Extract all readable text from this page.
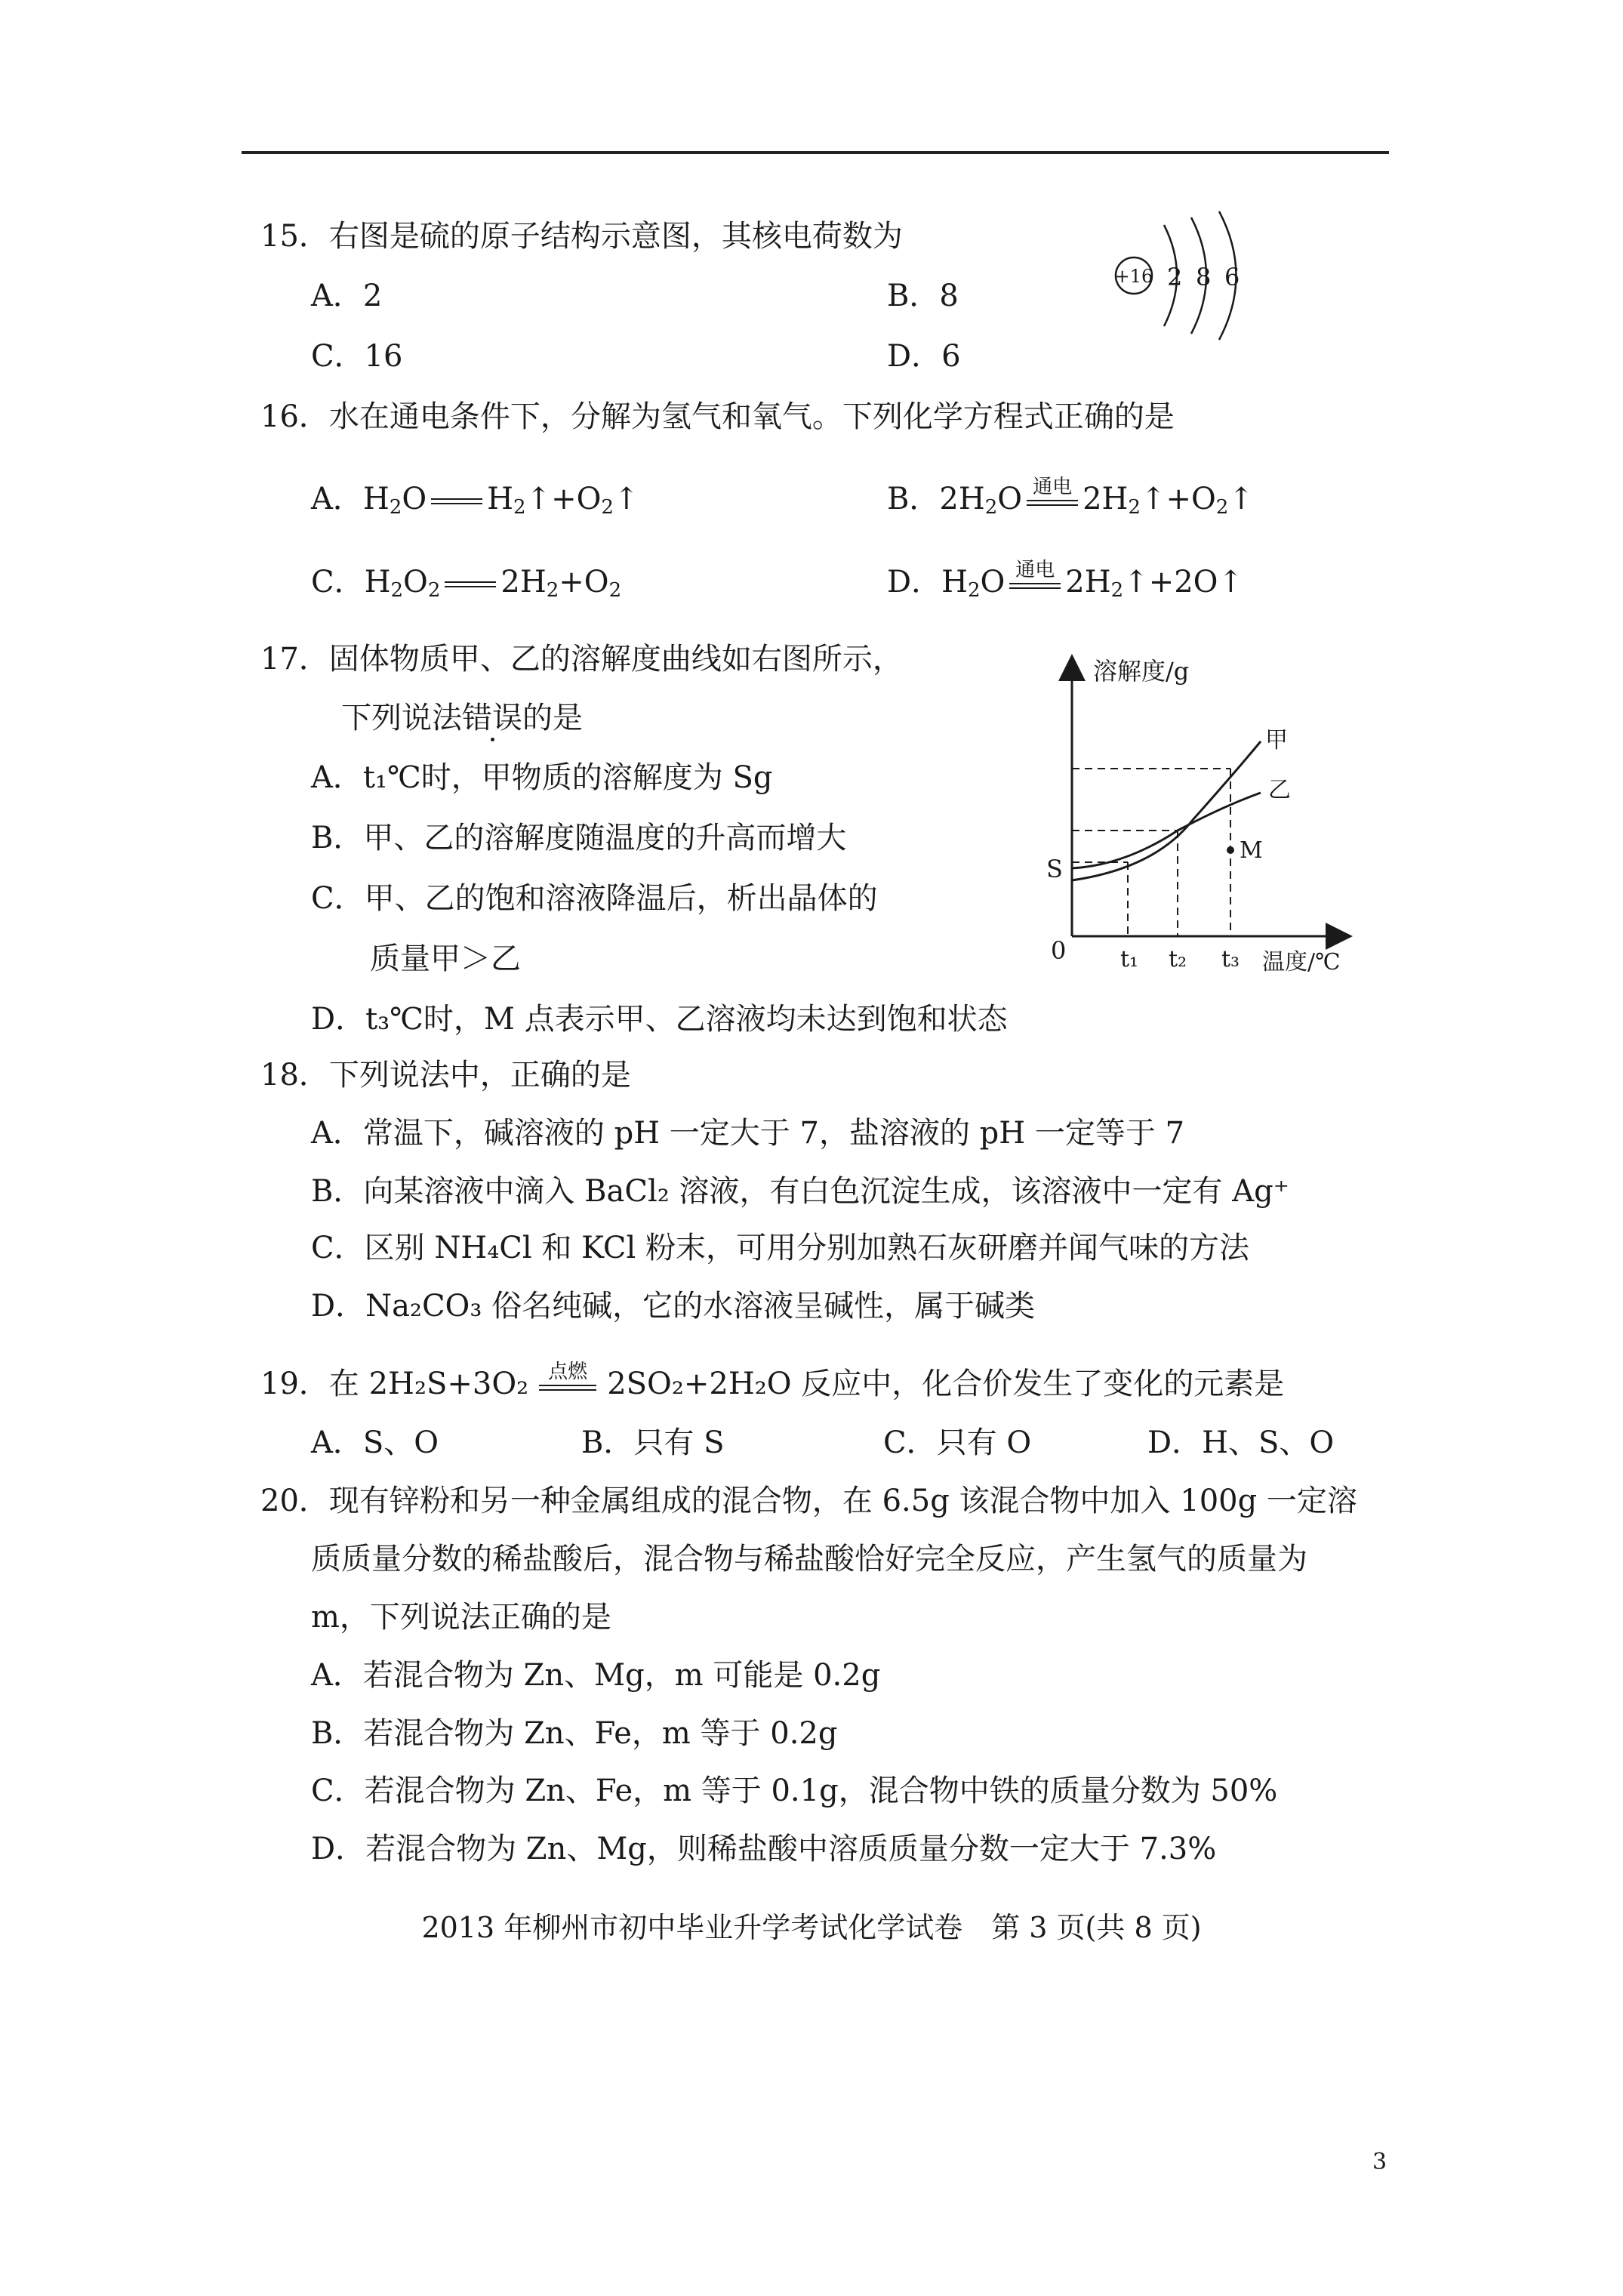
15．右图是硫的原子结构示意图，其核电荷数为
A．2	B．8
C．16	D．6
+16 2 8 6
16．水在通电条件下，分解为氢气和氧气。下列化学方程式正确的是
A．$H_2O$ $H_2↑+O_2↑$	B．$2H_2O$ 通电 $2H_2↑+O_2↑$
C．$H_2O_2$ $2H_2+O_2$	D．$H_2O$ 通电 $2H_2↑+2O↑$
17．固体物质甲、乙的溶解度曲线如右图所示，
下列说法错误的是
A．t₁℃时，甲物质的溶解度为 Sg
B．甲、乙的溶解度随温度的升高而增大
C．甲、乙的饱和溶液降温后，析出晶体的
质量甲＞乙
D．t₃℃时，M 点表示甲、乙溶液均未达到饱和状态
溶解度/g
温度/℃
0
S
t₁ t₂ t₃
甲
乙
M
18．下列说法中，正确的是
A．常温下，碱溶液的 pH 一定大于 7，盐溶液的 pH 一定等于 7
B．向某溶液中滴入 BaCl₂ 溶液，有白色沉淀生成，该溶液中一定有 Ag⁺
C．区别 NH₄Cl 和 KCl 粉末，可用分别加熟石灰研磨并闻气味的方法
D．Na₂CO₃ 俗名纯碱，它的水溶液呈碱性，属于碱类
19．在 2H₂S+3O₂ 点燃 2SO₂+2H₂O 反应中，化合价发生了变化的元素是
A．S、O	B．只有 S	C．只有 O	D．H、S、O
20．现有锌粉和另一种金属组成的混合物，在 6.5g 该混合物中加入 100g 一定溶
质质量分数的稀盐酸后，混合物与稀盐酸恰好完全反应，产生氢气的质量为
m，下列说法正确的是
A．若混合物为 Zn、Mg，m 可能是 0.2g
B．若混合物为 Zn、Fe，m 等于 0.2g
C．若混合物为 Zn、Fe，m 等于 0.1g，混合物中铁的质量分数为 50%
D．若混合物为 Zn、Mg，则稀盐酸中溶质质量分数一定大于 7.3%
2013 年柳州市初中毕业升学考试化学试卷　第 3 页(共 8 页)
3
